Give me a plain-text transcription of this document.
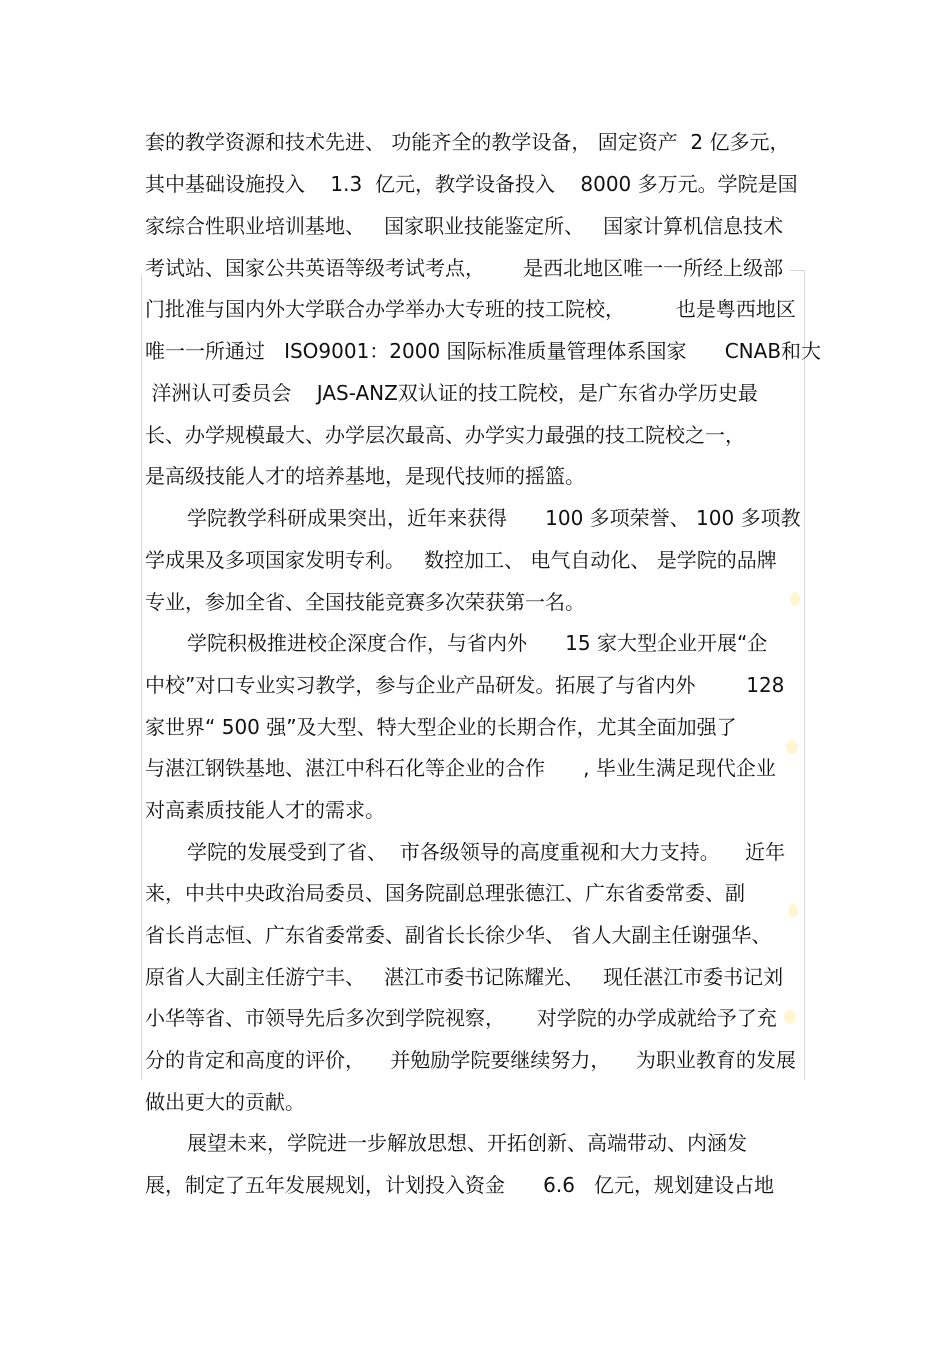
套的教学资源和技术先进、 功能齐全的教学设备， 固定资产  2 亿多元，
其中基础设施投入    1.3  亿元，教学设备投入    8000 多万元。学院是国
家综合性职业培训基地、   国家职业技能鉴定所、   国家计算机信息技术
考试站、国家公共英语等级考试考点，      是西北地区唯一一所经上级部
门批准与国内外大学联合办学举办大专班的技工院校，        也是粤西地区
唯一一所通过   ISO9001：2000 国际标准质量管理体系国家      CNAB和大
洋洲认可委员会    JAS-ANZ双认证的技工院校，是广东省办学历史最
长、办学规模最大、办学层次最高、办学实力最强的技工院校之一，
是高级技能人才的培养基地，是现代技师的摇篮。
学院教学科研成果突出，近年来获得      100 多项荣誉、 100 多项教
学成果及多项国家发明专利。   数控加工、 电气自动化、 是学院的品牌
专业，参加全省、全国技能竞赛多次荣获第一名。
学院积极推进校企深度合作，与省内外      15 家大型企业开展“企
中校”对口专业实习教学，参与企业产品研发。拓展了与省内外        128
家世界“ 500 强”及大型、特大型企业的长期合作，尤其全面加强了
与湛江钢铁基地、湛江中科石化等企业的合作      , 毕业生满足现代企业
对高素质技能人才的需求。
学院的发展受到了省、  市各级领导的高度重视和大力支持。    近年
来，中共中央政治局委员、国务院副总理张德江、广东省委常委、副
省长肖志恒、广东省委常委、副省长长徐少华、 省人大副主任谢强华、
原省人大副主任游宁丰、   湛江市委书记陈耀光、   现任湛江市委书记刘
小华等省、市领导先后多次到学院视察，     对学院的办学成就给予了充
分的肯定和高度的评价，    并勉励学院要继续努力，    为职业教育的发展
做出更大的贡献。
展望未来，学院进一步解放思想、开拓创新、高端带动、内涵发
展，制定了五年发展规划，计划投入资金      6.6   亿元，规划建设占地
